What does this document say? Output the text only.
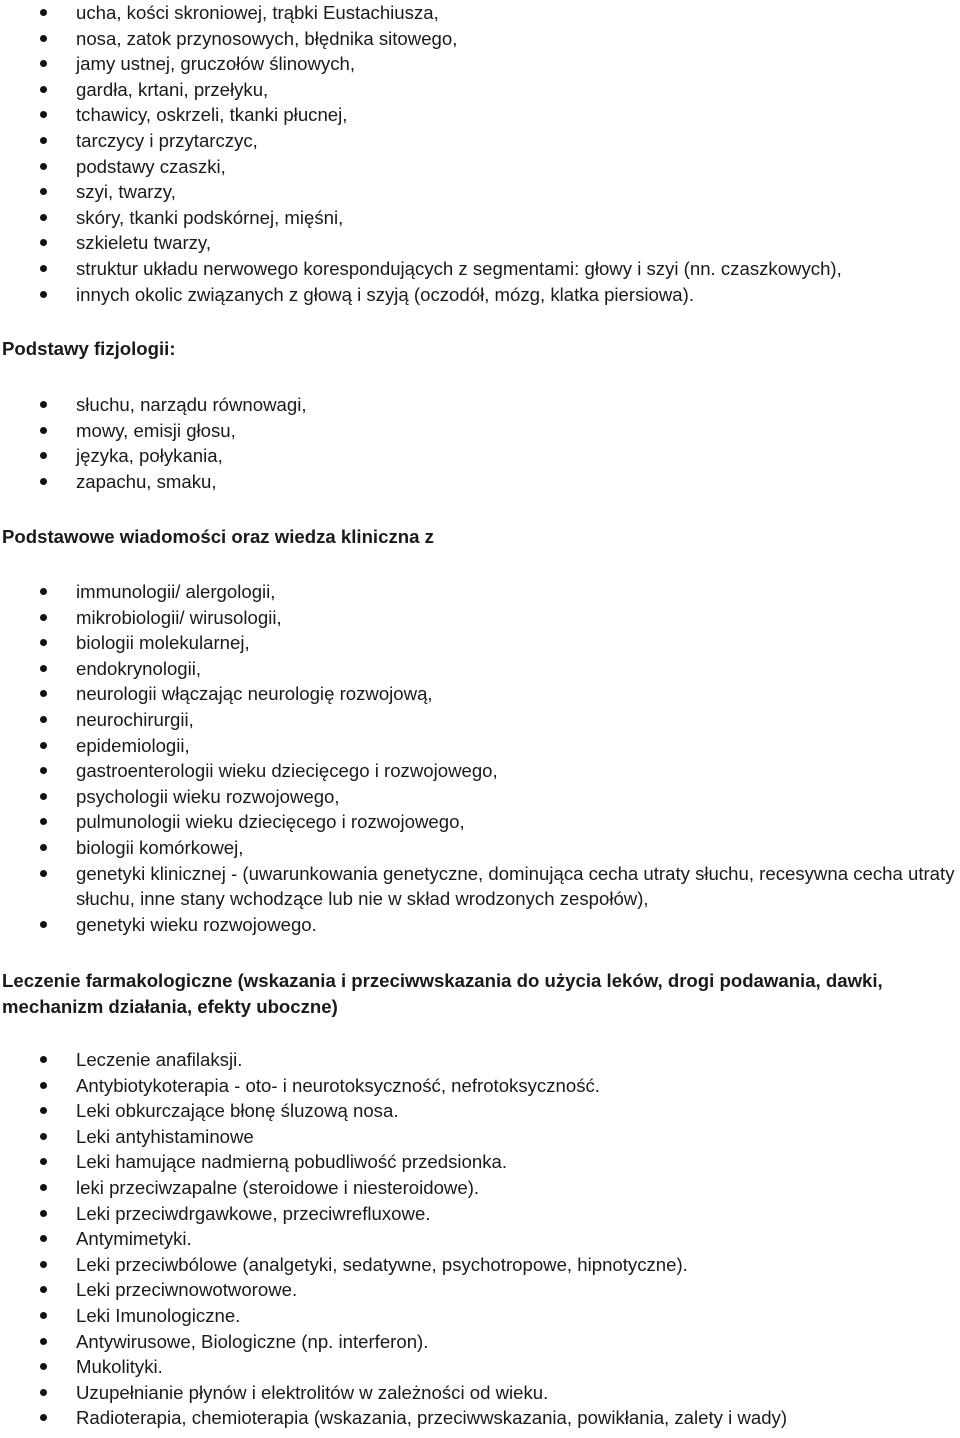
ucha, kości skroniowej, trąbki Eustachiusza,
nosa, zatok przynosowych, błędnika sitowego,
jamy ustnej, gruczołów ślinowych,
gardła, krtani, przełyku,
tchawicy, oskrzeli, tkanki płucnej,
tarczycy i przytarczyc,
podstawy czaszki,
szyi, twarzy,
skóry, tkanki podskórnej, mięśni,
szkieletu twarzy,
struktur układu nerwowego korespondujących z segmentami: głowy i szyi (nn. czaszkowych),
innych okolic związanych z głową i szyją (oczodół, mózg, klatka piersiowa).

Podstawy fizjologii:

słuchu, narządu równowagi,
mowy, emisji głosu,
języka, połykania,
zapachu, smaku,

Podstawowe wiadomości oraz wiedza kliniczna z

immunologii/ alergologii,
mikrobiologii/ wirusologii,
biologii molekularnej,
endokrynologii,
neurologii włączając neurologię rozwojową,
neurochirurgii,
epidemiologii,
gastroenterologii wieku dziecięcego i rozwojowego,
psychologii wieku rozwojowego,
pulmunologii wieku dziecięcego i rozwojowego,
biologii komórkowej,
genetyki klinicznej - (uwarunkowania genetyczne, dominująca cecha utraty słuchu, recesywna cecha utraty słuchu, inne stany wchodzące lub nie w skład wrodzonych zespołów),
genetyki wieku rozwojowego.

Leczenie farmakologiczne (wskazania i przeciwwskazania do użycia leków, drogi podawania, dawki, mechanizm działania, efekty uboczne)

Leczenie anafilaksji.
Antybiotykoterapia - oto- i neurotoksyczność, nefrotoksyczność.
Leki obkurczające błonę śluzową nosa.
Leki antyhistaminowe
Leki hamujące nadmierną pobudliwość przedsionka.
leki przeciwzapalne (steroidowe i niesteroidowe).
Leki przeciwdrgawkowe, przeciwrefluxowe.
Antymimetyki.
Leki przeciwbólowe (analgetyki, sedatywne, psychotropowe, hipnotyczne).
Leki przeciwnowotworowe.
Leki Imunologiczne.
Antywirusowe, Biologiczne (np. interferon).
Mukolityki.
Uzupełnianie płynów i elektrolitów w zależności od wieku.
Radioterapia, chemioterapia (wskazania, przeciwwskazania, powikłania, zalety i wady)
